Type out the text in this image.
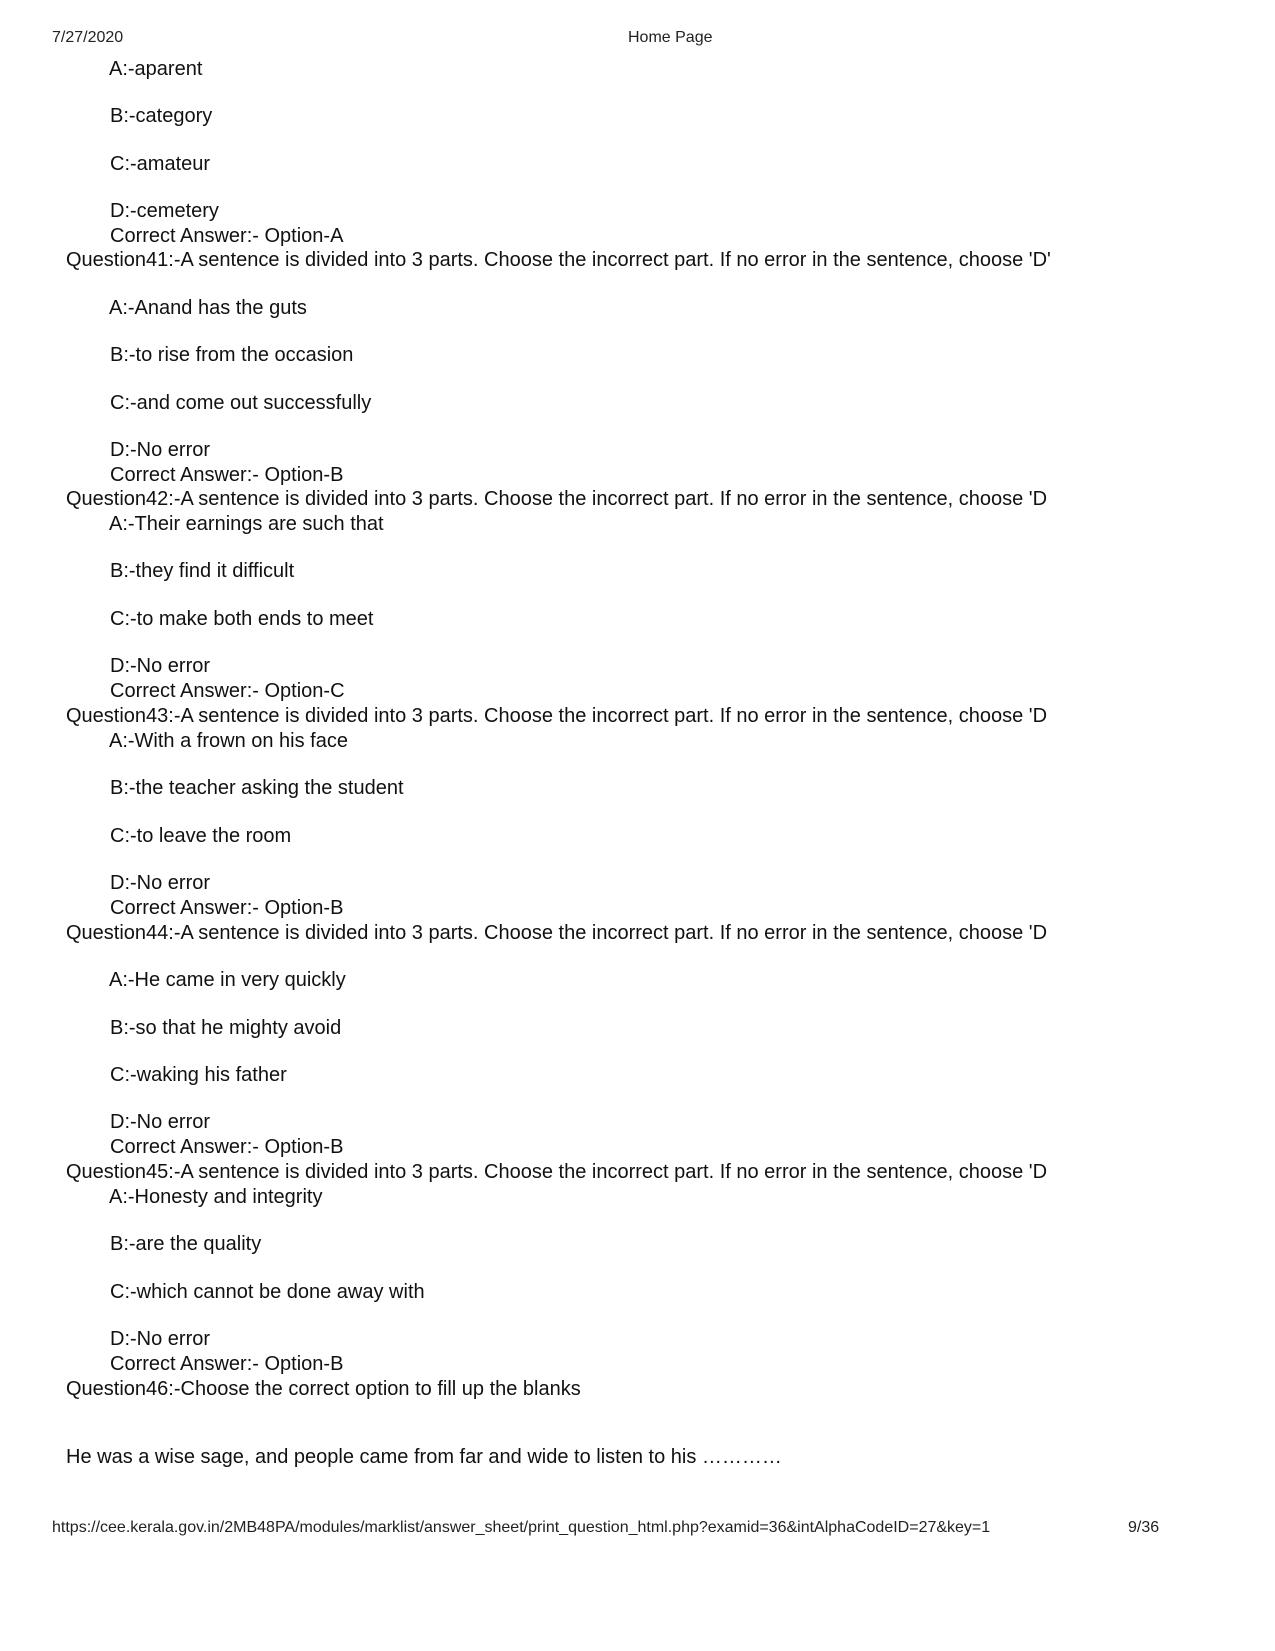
7/27/2020	Home Page
A:-aparent
B:-category
C:-amateur
D:-cemetery
Correct Answer:- Option-A
Question41:-A sentence is divided into 3 parts. Choose the incorrect part. If no error in the sentence, choose 'D'
A:-Anand has the guts
B:-to rise from the occasion
C:-and come out successfully
D:-No error
Correct Answer:- Option-B
Question42:-A sentence is divided into 3 parts. Choose the incorrect part. If no error in the sentence, choose 'D
A:-Their earnings are such that
B:-they find it difficult
C:-to make both ends to meet
D:-No error
Correct Answer:- Option-C
Question43:-A sentence is divided into 3 parts. Choose the incorrect part. If no error in the sentence, choose 'D
A:-With a frown on his face
B:-the teacher asking the student
C:-to leave the room
D:-No error
Correct Answer:- Option-B
Question44:-A sentence is divided into 3 parts. Choose the incorrect part. If no error in the sentence, choose 'D
A:-He came in very quickly
B:-so that he mighty avoid
C:-waking his father
D:-No error
Correct Answer:- Option-B
Question45:-A sentence is divided into 3 parts. Choose the incorrect part. If no error in the sentence, choose 'D
A:-Honesty and integrity
B:-are the quality
C:-which cannot be done away with
D:-No error
Correct Answer:- Option-B
Question46:-Choose the correct option to fill up the blanks
He was a wise sage, and people came from far and wide to listen to his …………
https://cee.kerala.gov.in/2MB48PA/modules/marklist/answer_sheet/print_question_html.php?examid=36&intAlphaCodeID=27&key=1	9/36
